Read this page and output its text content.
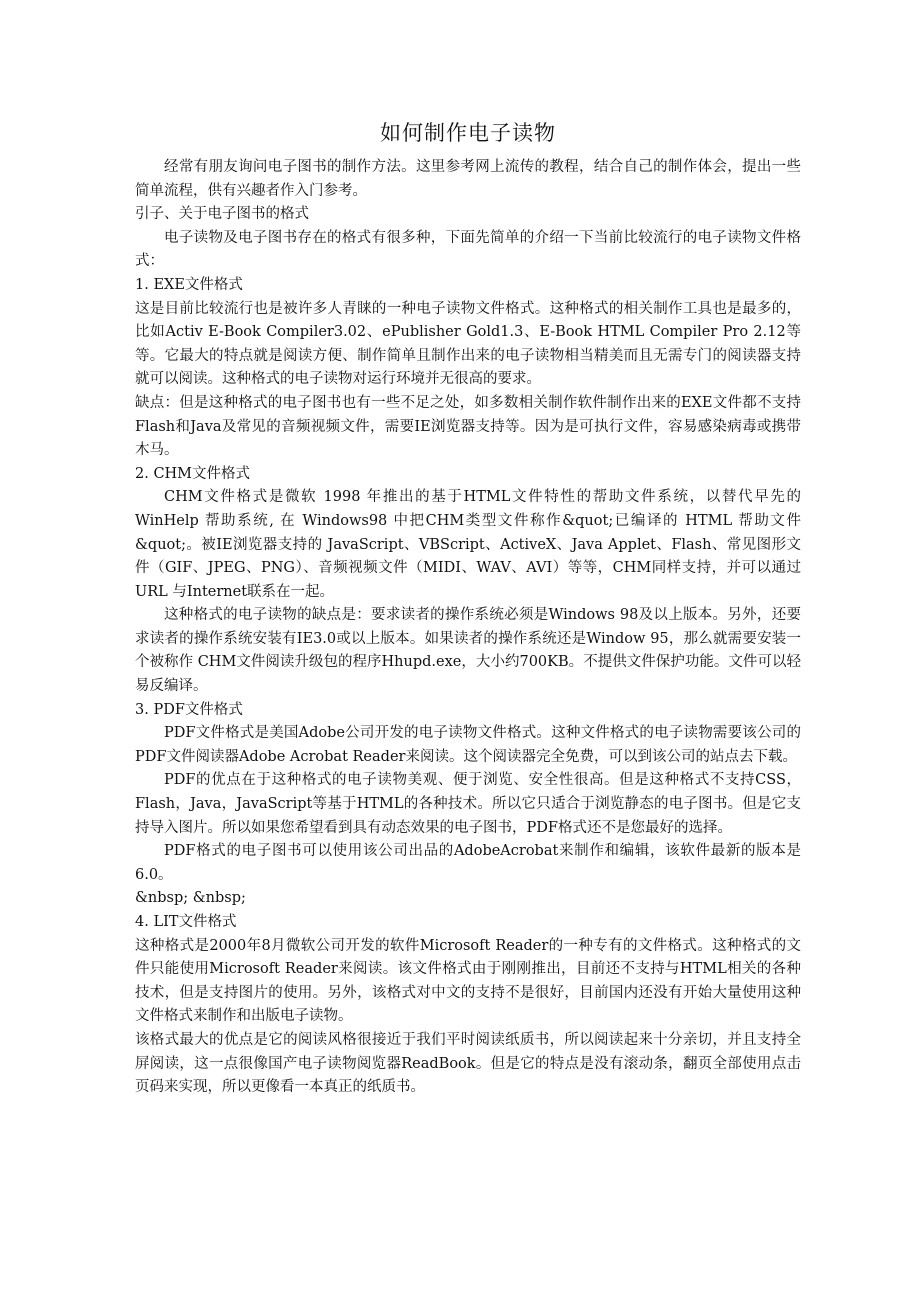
如何制作电子读物

经常有朋友询问电子图书的制作方法。这里参考网上流传的教程，结合自己的制作体会，提出一些简单流程，供有兴趣者作入门参考。

引子、关于电子图书的格式

电子读物及电子图书存在的格式有很多种，下面先简单的介绍一下当前比较流行的电子读物文件格式：

1. EXE文件格式

这是目前比较流行也是被许多人青睐的一种电子读物文件格式。这种格式的相关制作工具也是最多的，比如Activ E-Book Compiler3.02、ePublisher Gold1.3、E-Book HTML Compiler Pro 2.12等等。它最大的特点就是阅读方便、制作简单且制作出来的电子读物相当精美而且无需专门的阅读器支持就可以阅读。这种格式的电子读物对运行环境并无很高的要求。

缺点：但是这种格式的电子图书也有一些不足之处，如多数相关制作软件制作出来的EXE文件都不支持Flash和Java及常见的音频视频文件，需要IE浏览器支持等。因为是可执行文件，容易感染病毒或携带木马。

2. CHM文件格式

CHM文件格式是微软 1998 年推出的基于HTML文件特性的帮助文件系统，以替代早先的WinHelp 帮助系统, 在 Windows98 中把CHM类型文件称作&quot;已编译的 HTML 帮助文件&quot;。被IE浏览器支持的 JavaScript、VBScript、ActiveX、Java Applet、Flash、常见图形文件（GIF、JPEG、PNG）、音频视频文件（MIDI、WAV、AVI）等等，CHM同样支持，并可以通过 URL 与Internet联系在一起。

这种格式的电子读物的缺点是：要求读者的操作系统必须是Windows 98及以上版本。另外，还要求读者的操作系统安装有IE3.0或以上版本。如果读者的操作系统还是Window 95，那么就需要安装一个被称作 CHM文件阅读升级包的程序Hhupd.exe，大小约700KB。不提供文件保护功能。文件可以轻易反编译。

3. PDF文件格式

PDF文件格式是美国Adobe公司开发的电子读物文件格式。这种文件格式的电子读物需要该公司的PDF文件阅读器Adobe Acrobat Reader来阅读。这个阅读器完全免费，可以到该公司的站点去下载。

PDF的优点在于这种格式的电子读物美观、便于浏览、安全性很高。但是这种格式不支持CSS，Flash，Java，JavaScript等基于HTML的各种技术。所以它只适合于浏览静态的电子图书。但是它支持导入图片。所以如果您希望看到具有动态效果的电子图书，PDF格式还不是您最好的选择。

PDF格式的电子图书可以使用该公司出品的AdobeAcrobat来制作和编辑，该软件最新的版本是6.0。

&nbsp; &nbsp;

4. LIT文件格式

这种格式是2000年8月微软公司开发的软件Microsoft Reader的一种专有的文件格式。这种格式的文件只能使用Microsoft Reader来阅读。该文件格式由于刚刚推出，目前还不支持与HTML相关的各种技术，但是支持图片的使用。另外，该格式对中文的支持不是很好，目前国内还没有开始大量使用这种文件格式来制作和出版电子读物。

该格式最大的优点是它的阅读风格很接近于我们平时阅读纸质书，所以阅读起来十分亲切，并且支持全屏阅读，这一点很像国产电子读物阅览器ReadBook。但是它的特点是没有滚动条，翻页全部使用点击页码来实现，所以更像看一本真正的纸质书。
